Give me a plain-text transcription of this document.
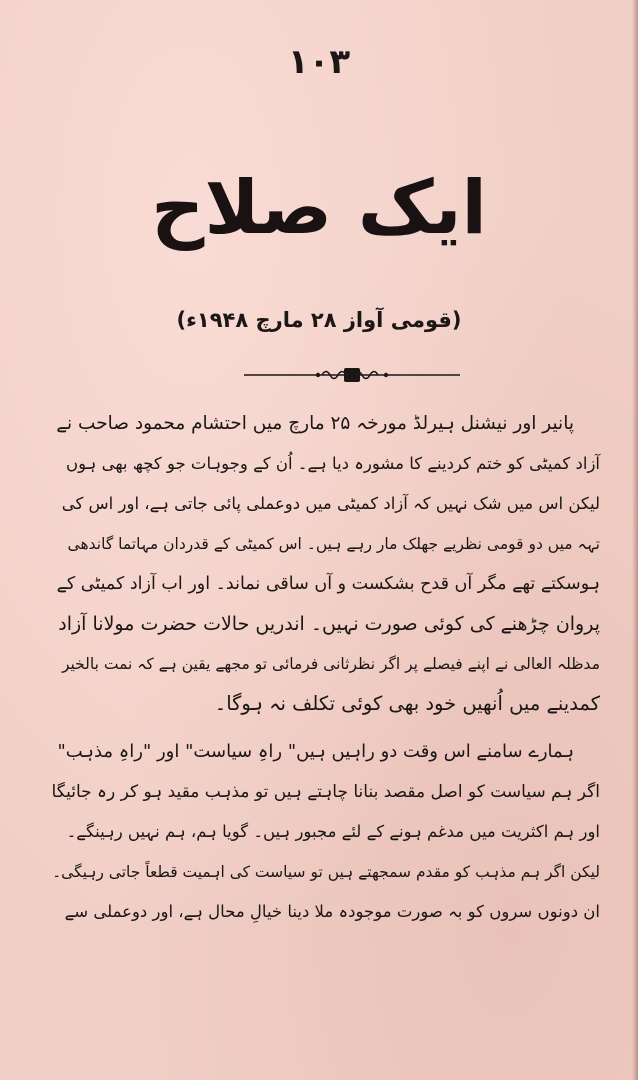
۱۰۳
ایک صلاح
(قومی آواز ۲۸ مارچ ۱۹۴۸ء)
پانیر اور نیشنل ہیرلڈ مورخہ ۲۵ مارچ میں احتشام محمود صاحب نے
آزاد کمیٹی کو ختم کردینے کا مشورہ دیا ہے۔ اُن کے وجوہات جو کچھ بھی ہوں
لیکن اس میں شک نہیں کہ آزاد کمیٹی میں دوعملی پائی جاتی ہے، اور اس کی
تہہ میں دو قومی نظریے جھلک مار رہے ہیں۔ اس کمیٹی کے قدردان مہاتما گاندھی
ہوسکتے تھے مگر آں قدح بشکست و آں ساقی نماند۔ اور اب آزاد کمیٹی کے
پروان چڑھنے کی کوئی صورت نہیں۔ اندریں حالات حضرت مولانا آزاد
مدظلہ العالی نے اپنے فیصلے پر اگر نظرثانی فرمائی تو مجھے یقین ہے کہ نمت بالخیر
کمدینے میں اُنھیں خود بھی کوئی تکلف نہ ہوگا۔
ہمارے سامنے اس وقت دو راہیں ہیں" راہِ سیاست" اور "راہِ مذہب"
اگر ہم سیاست کو اصل مقصد بنانا چاہتے ہیں تو مذہب مقید ہو کر رہ جائیگا
اور ہم اکثریت میں مدغم ہونے کے لئے مجبور ہیں۔ گویا ہم، ہم نہیں رہینگے۔
لیکن اگر ہم مذہب کو مقدم سمجھتے ہیں تو سیاست کی اہمیت قطعاً جاتی رہیگی۔
ان دونوں سروں کو بہ صورت موجودہ ملا دینا خیالِ محال ہے، اور دوعملی سے
